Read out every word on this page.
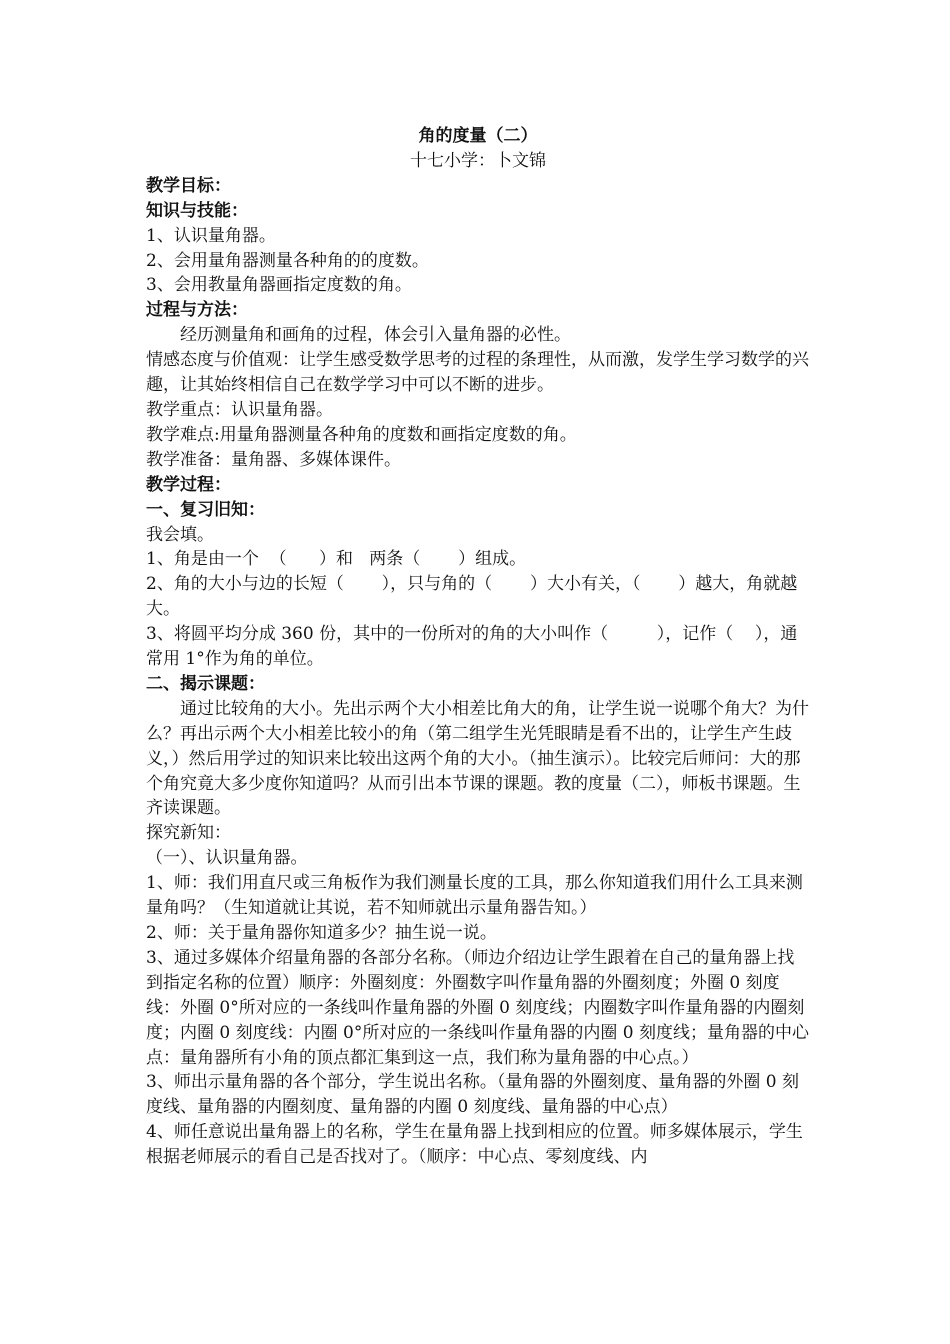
角的度量（二）
十七小学：卜文锦

教学目标：

知识与技能：

1、认识量角器。

2、会用量角器测量各种角的的度数。

3、会用教量角器画指定度数的角。

过程与方法：

经历测量角和画角的过程，体会引入量角器的必性。

情感态度与价值观：让学生感受数学思考的过程的条理性，从而激，发学生学习数学的兴趣，让其始终相信自己在数学学习中可以不断的进步。

教学重点：认识量角器。

教学难点:用量角器测量各种角的度数和画指定度数的角。

教学准备：量角器、多媒体课件。

教学过程：

一、复习旧知：

我会填。

1、角是由一个  （      ）和   两条（       ）组成。

2、角的大小与边的长短（       ），只与角的（       ）大小有关，（       ）越大，角就越大。

3、将圆平均分成 360 份，其中的一份所对的角的大小叫作（         ），记作（    ），通常用 1°作为角的单位。

二、揭示课题：

通过比较角的大小。先出示两个大小相差比角大的角，让学生说一说哪个角大？为什么？再出示两个大小相差比较小的角（第二组学生光凭眼睛是看不出的，让学生产生歧义，）然后用学过的知识来比较出这两个角的大小。（抽生演示）。比较完后师问：大的那个角究竟大多少度你知道吗？从而引出本节课的课题。教的度量（二），师板书课题。生齐读课题。

探究新知：

（一）、认识量角器。

1、师：我们用直尺或三角板作为我们测量长度的工具，那么你知道我们用什么工具来测量角吗？（生知道就让其说，若不知师就出示量角器告知。）

2、师：关于量角器你知道多少？抽生说一说。

3、通过多媒体介绍量角器的各部分名称。（师边介绍边让学生跟着在自己的量角器上找到指定名称的位置）顺序：外圈刻度：外圈数字叫作量角器的外圈刻度；外圈 0 刻度线：外圈 0°所对应的一条线叫作量角器的外圈 0 刻度线；内圈数字叫作量角器的内圈刻度；内圈 0 刻度线：内圈 0°所对应的一条线叫作量角器的内圈 0 刻度线；量角器的中心点：量角器所有小角的顶点都汇集到这一点，我们称为量角器的中心点。）

3、师出示量角器的各个部分，学生说出名称。（量角器的外圈刻度、量角器的外圈 0 刻度线、量角器的内圈刻度、量角器的内圈 0 刻度线、量角器的中心点）

4、师任意说出量角器上的名称，学生在量角器上找到相应的位置。师多媒体展示，学生根据老师展示的看自己是否找对了。（顺序：中心点、零刻度线、内
